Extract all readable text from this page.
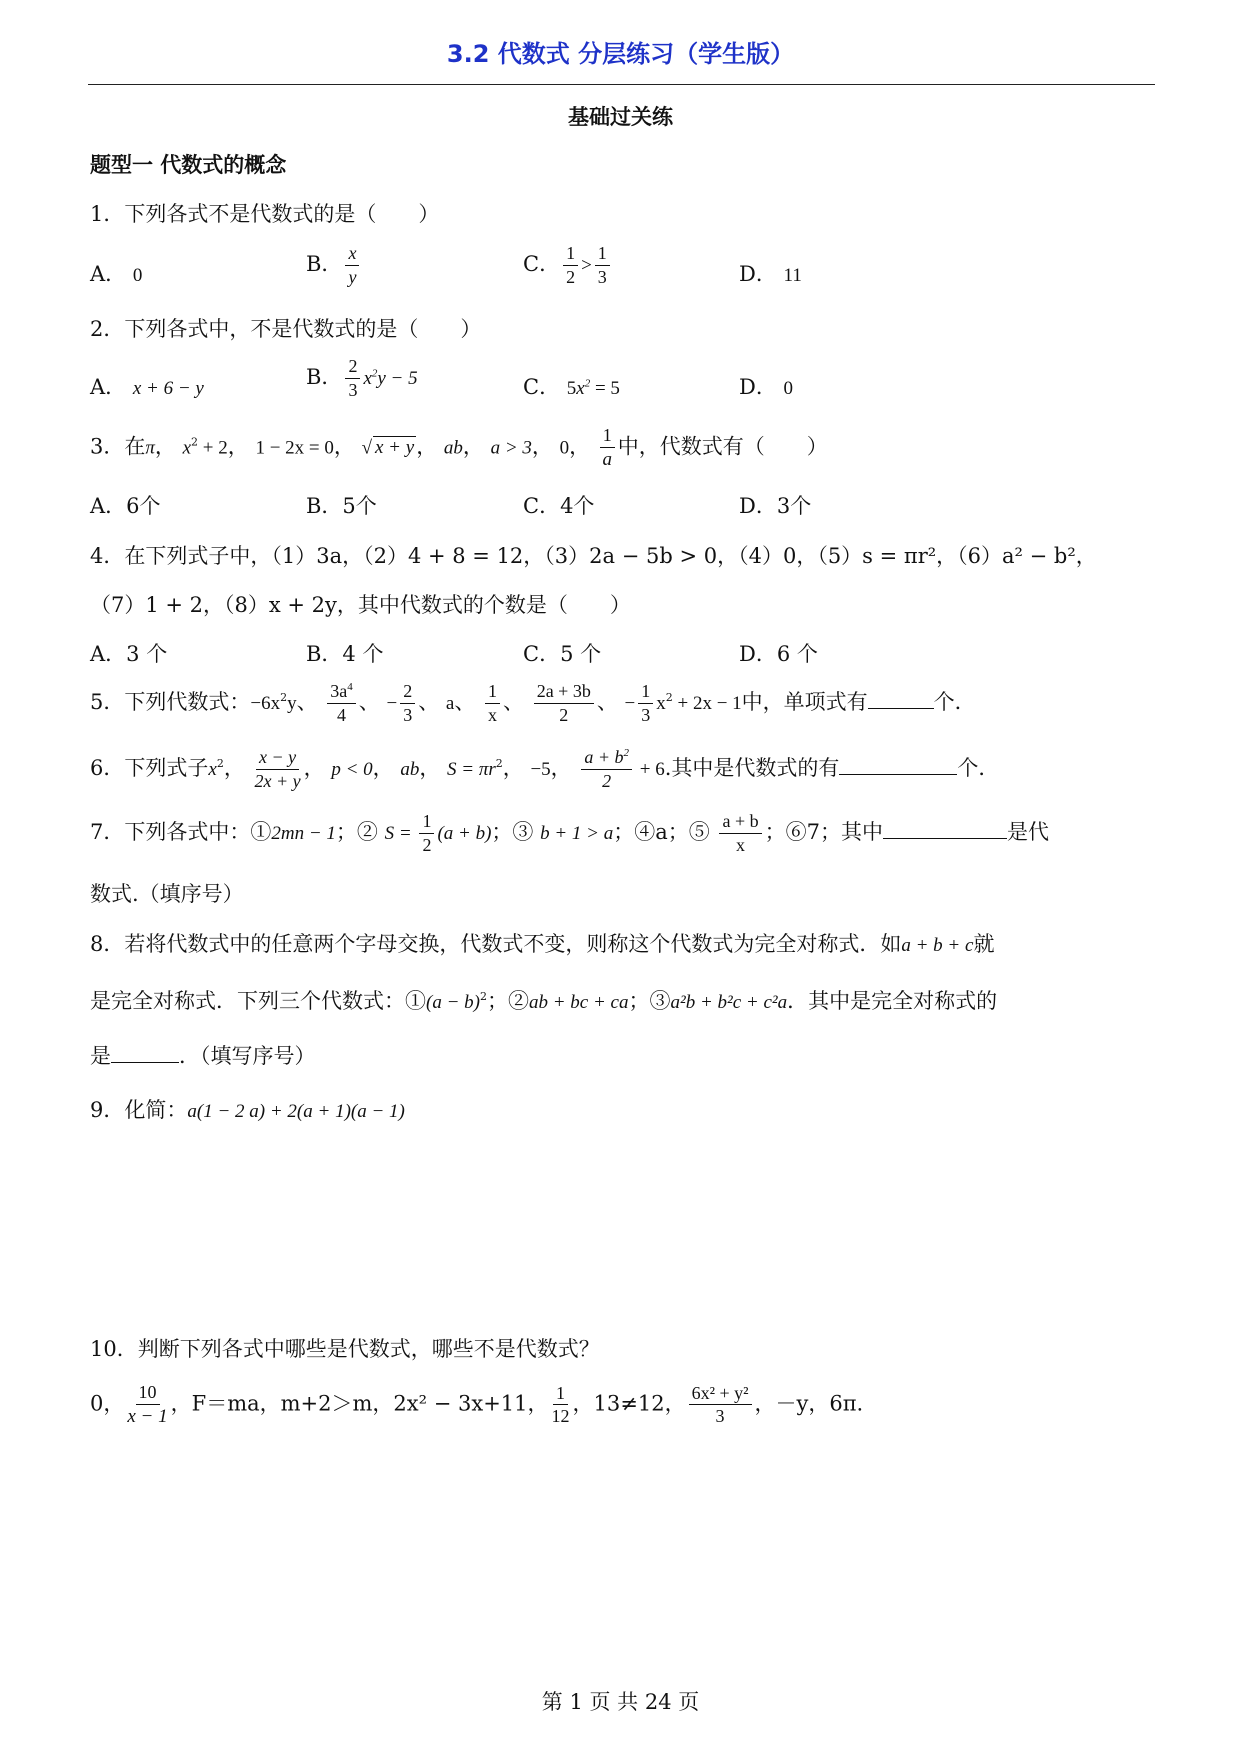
3.2 代数式 分层练习（学生版）
基础过关练
题型一 代数式的概念
1．下列各式不是代数式的是（　　）
A． 0	B． $\frac{x}{y}$	C． $\frac{1}{2} > \frac{1}{3}$	D． 11
2．下列各式中，不是代数式的是（　　）
A． x + 6 − y	B． $\frac{2}{3} x^2y - 5$	C． $5x^2 = 5$	D． 0
3．在π， $x^2 + 2$， 1 − 2x = 0， √ x + y， ab， a > 3， 0， $\frac{1}{a}$ 中，代数式有（　　）
A．6个	B．5个	C．4个	D．3个
4．在下列式子中，（1）3a，（2）4 + 8 = 12，（3）2a − 5b > 0，（4）0，（5）s = πr²，（6）a² − b²，
（7）1 + 2，（8）x + 2y，其中代数式的个数是（　　）
A．3 个	B．4 个	C．5 个	D．6 个
5．下列代数式：$-6x^2y$、 $\frac{3a^4}{4}$ 、 − $\frac{2}{3}$ 、 a、 $\frac{1}{x}$ 、 $\frac{2a + 3b}{2}$ 、 − $\frac{1}{3} x^2 + 2x - 1$中，单项式有	个．
6．下列式子$x^2$， $\frac{x - y}{2x + y}$ ， p < 0， ab， $S = \pi r^2$， −5， $\frac{a + b^2}{2} + 6$.其中是代数式的有	个．
7．下列各式中：①2mn − 1；② $S = \frac{1}{2} (a + b)$；③ b + 1 > a；④a；⑤ $\frac{a + b}{x}$ ；⑥7；其中	是代
数式.（填序号）
8．若将代数式中的任意两个字母交换，代数式不变，则称这个代数式为完全对称式．如a + b + c就
是完全对称式．下列三个代数式：①(a − b)$^2$；②ab + bc + ca；③a²b + b²c + c²a．其中是完全对称式的
是	．（填写序号）
9．化简：a(1 − 2 a) + 2(a + 1)(a − 1)
10．判断下列各式中哪些是代数式，哪些不是代数式？
0， $\frac{10}{x - 1}$ ，F＝ma，m+2＞m，2x² − 3x+11， $\frac{1}{12}$ ，13≠12， $\frac{\text{6x² + y²}}{3}$ ，－y，6π.
第 1 页 共 24 页
